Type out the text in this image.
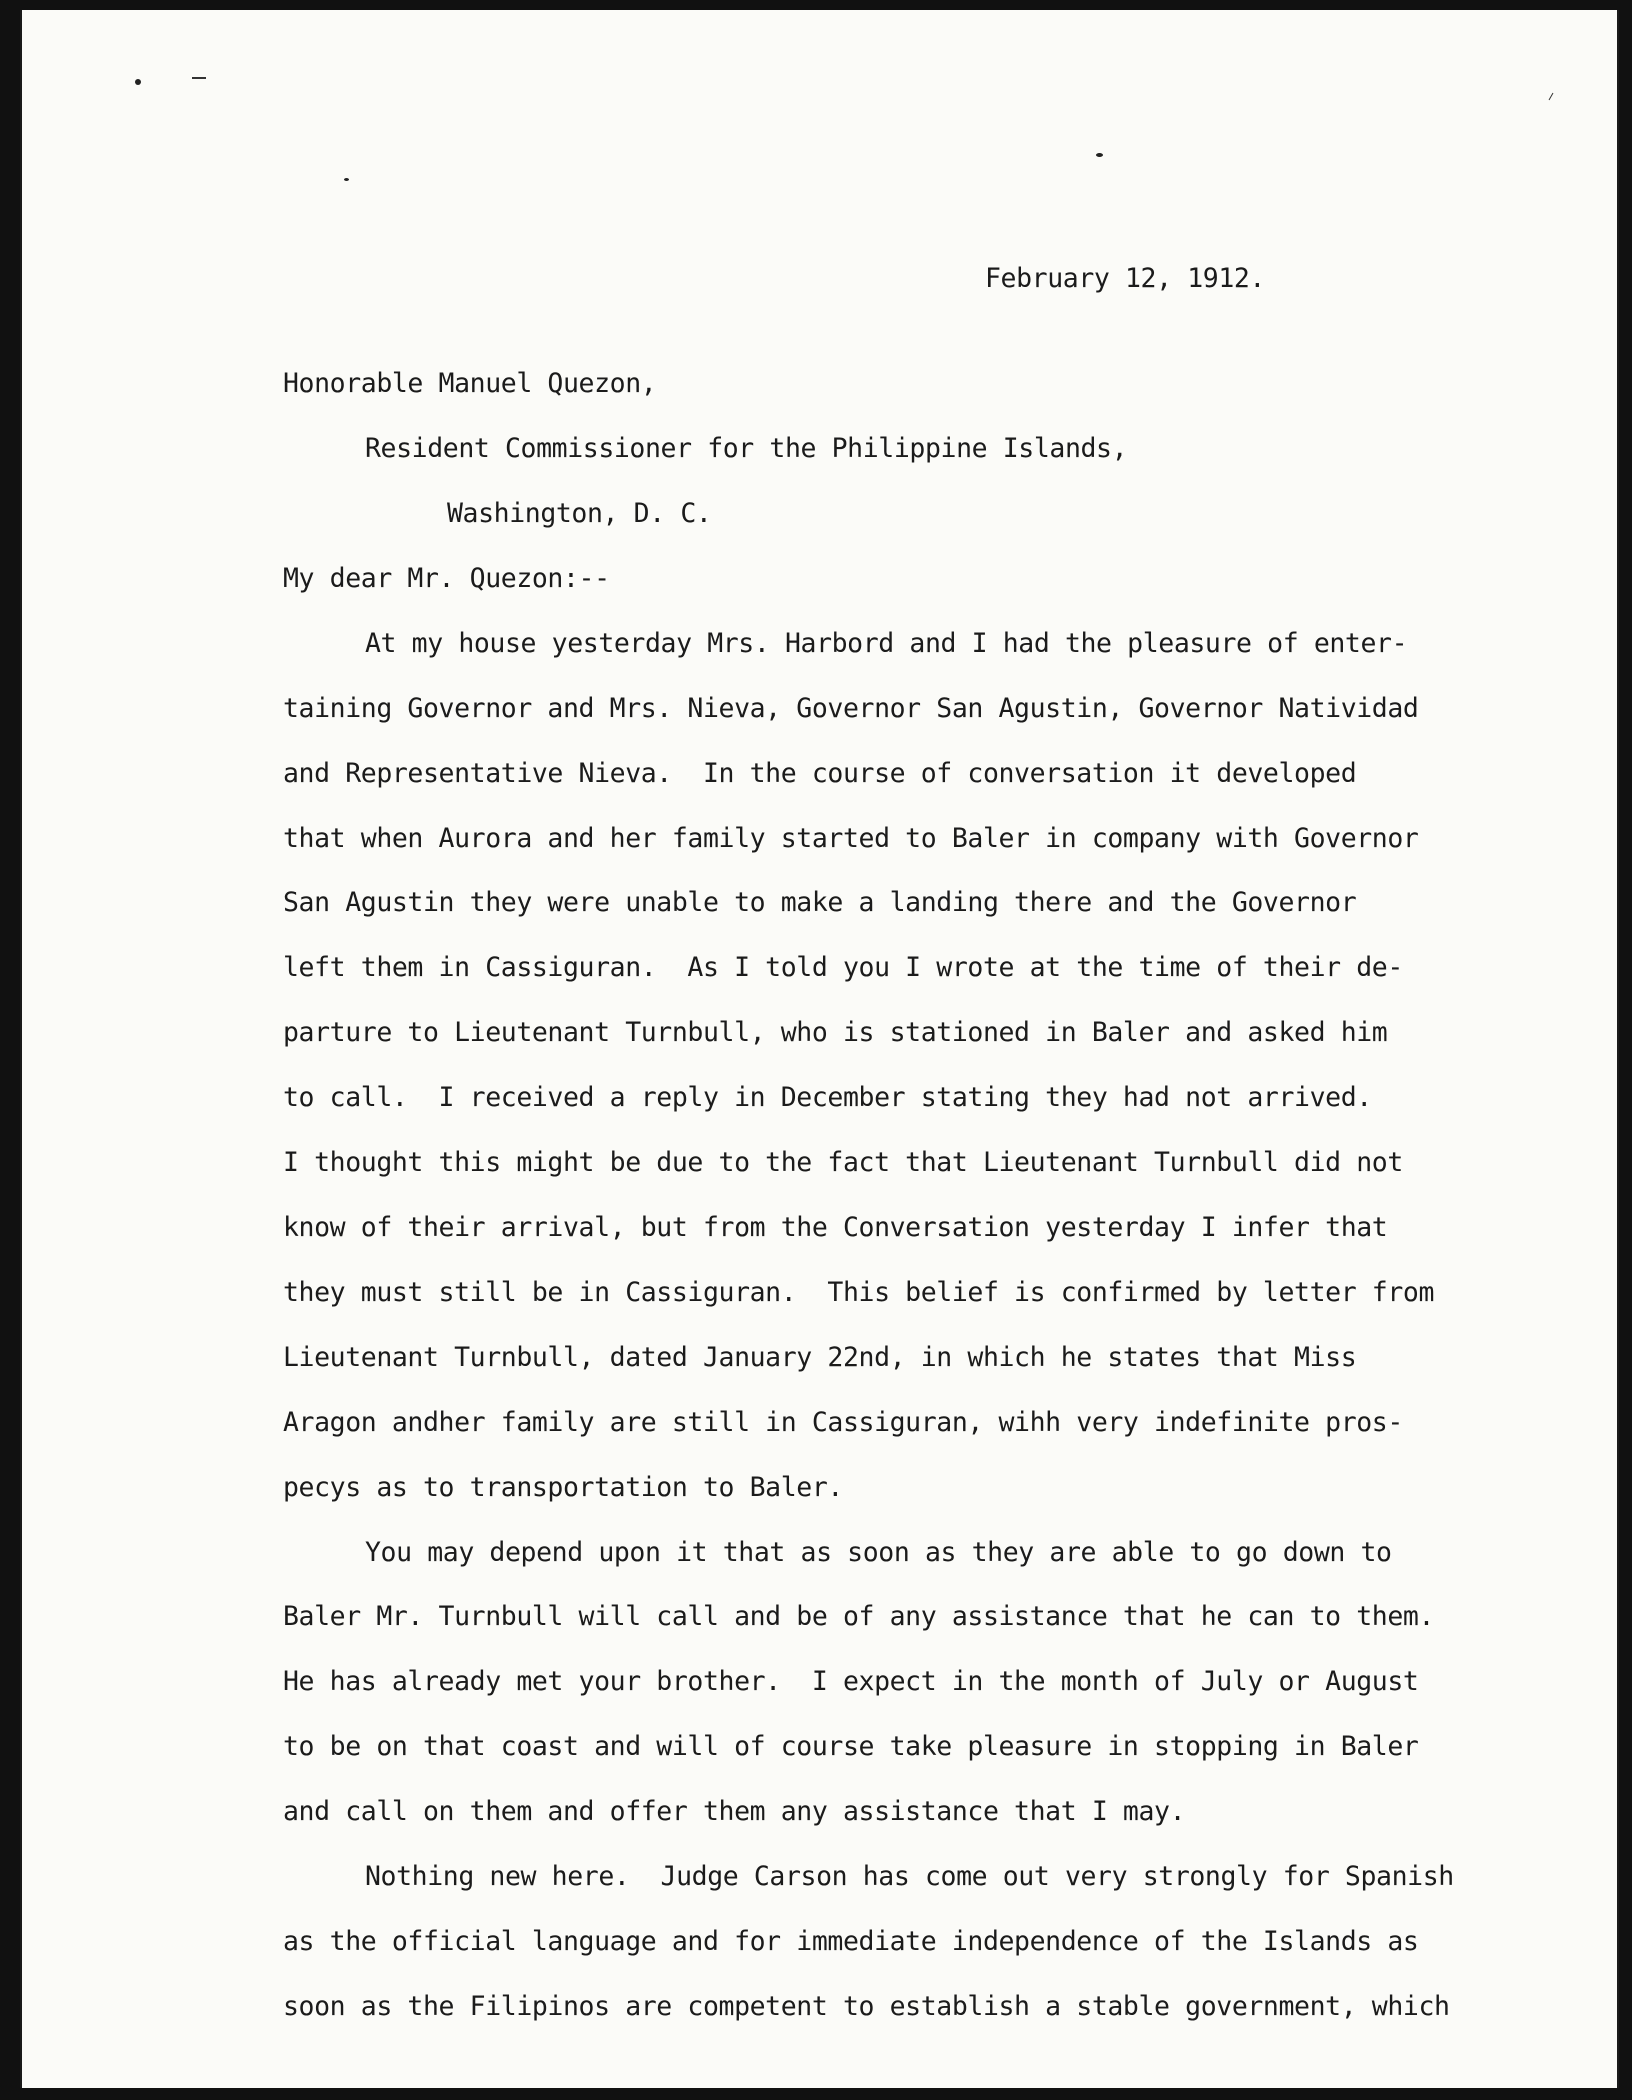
February 12, 1912.
Honorable Manuel Quezon,
Resident Commissioner for the Philippine Islands,
Washington, D. C.
My dear Mr. Quezon:--
At my house yesterday Mrs. Harbord and I had the pleasure of enter-
taining Governor and Mrs. Nieva, Governor San Agustin, Governor Natividad
and Representative Nieva.  In the course of conversation it developed
that when Aurora and her family started to Baler in company with Governor
San Agustin they were unable to make a landing there and the Governor
left them in Cassiguran.  As I told you I wrote at the time of their de-
parture to Lieutenant Turnbull, who is stationed in Baler and asked him
to call.  I received a reply in December stating they had not arrived.
I thought this might be due to the fact that Lieutenant Turnbull did not
know of their arrival, but from the Conversation yesterday I infer that
they must still be in Cassiguran.  This belief is confirmed by letter from
Lieutenant Turnbull, dated January 22nd, in which he states that Miss
Aragon andher family are still in Cassiguran, wihh very indefinite pros-
pecys as to transportation to Baler.
You may depend upon it that as soon as they are able to go down to
Baler Mr. Turnbull will call and be of any assistance that he can to them.
He has already met your brother.  I expect in the month of July or August
to be on that coast and will of course take pleasure in stopping in Baler
and call on them and offer them any assistance that I may.
Nothing new here.  Judge Carson has come out very strongly for Spanish
as the official language and for immediate independence of the Islands as
soon as the Filipinos are competent to establish a stable government, which
